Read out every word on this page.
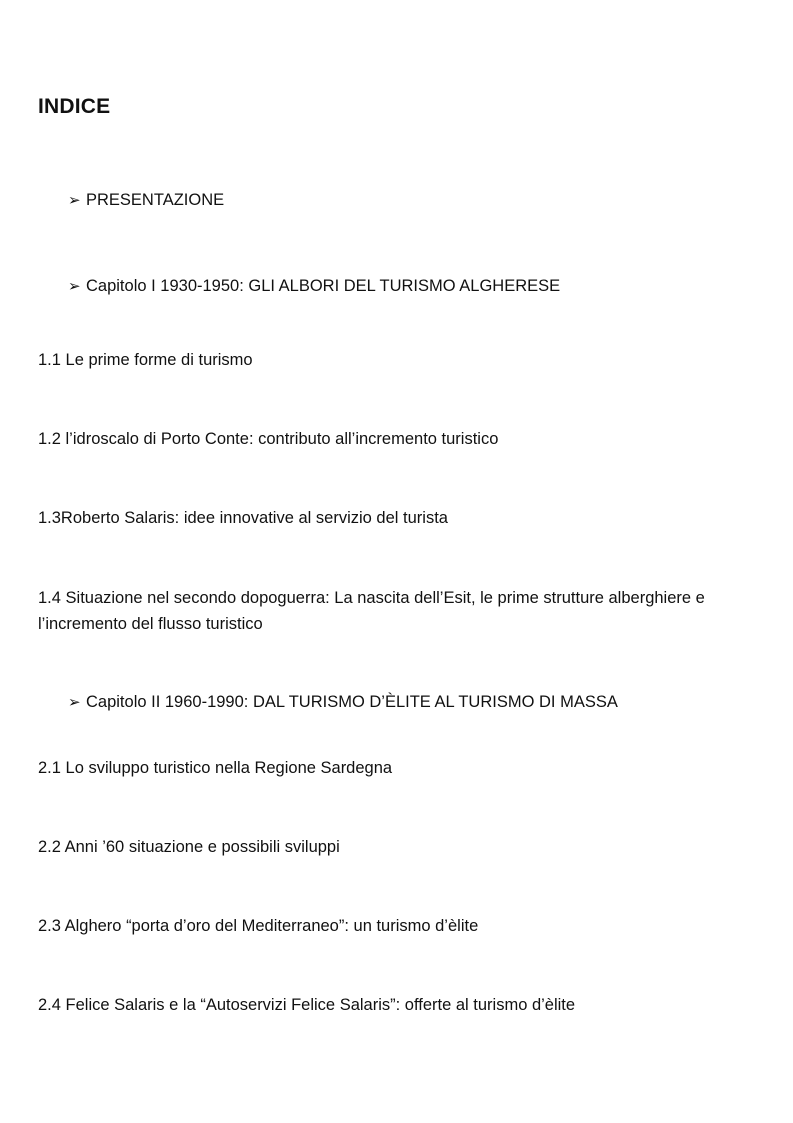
INDICE
➢ PRESENTAZIONE
➢ Capitolo I 1930-1950: GLI ALBORI DEL TURISMO ALGHERESE
1.1 Le prime forme di turismo
1.2 l’idroscalo di Porto Conte: contributo all’incremento turistico
1.3Roberto Salaris: idee innovative al servizio del turista
1.4 Situazione nel secondo dopoguerra: La nascita dell’Esit, le prime strutture alberghiere e l’incremento del flusso turistico
➢ Capitolo II 1960-1990: DAL TURISMO D’ÈLITE AL TURISMO DI MASSA
2.1 Lo sviluppo turistico nella Regione Sardegna
2.2 Anni ’60 situazione e possibili sviluppi
2.3 Alghero “porta d’oro del Mediterraneo”: un turismo d’èlite
2.4 Felice Salaris e la “Autoservizi Felice Salaris”: offerte al turismo d’èlite
